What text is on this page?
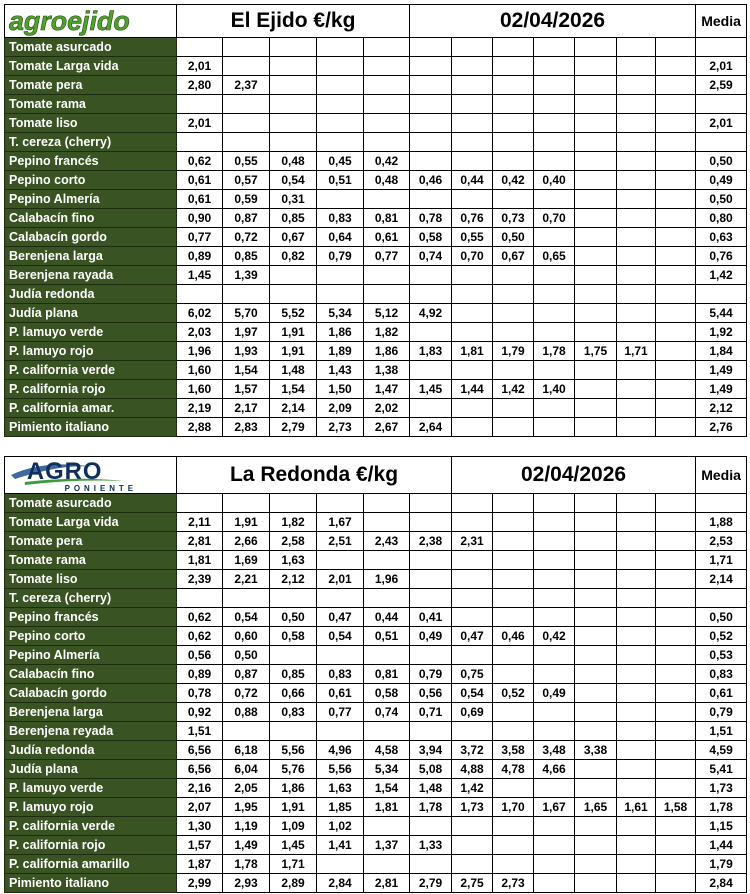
agroejido	El Ejido €/kg					02/04/2026							Media
Tomate asurcado													
Tomate Larga vida	2,01												2,01
Tomate pera	2,80	2,37											2,59
Tomate rama													
Tomate liso	2,01												2,01
T. cereza (cherry)													
Pepino francés	0,62	0,55	0,48	0,45	0,42								0,50
Pepino corto	0,61	0,57	0,54	0,51	0,48	0,46	0,44	0,42	0,40				0,49
Pepino Almería	0,61	0,59	0,31										0,50
Calabacín fino	0,90	0,87	0,85	0,83	0,81	0,78	0,76	0,73	0,70				0,80
Calabacín gordo	0,77	0,72	0,67	0,64	0,61	0,58	0,55	0,50					0,63
Berenjena larga	0,89	0,85	0,82	0,79	0,77	0,74	0,70	0,67	0,65				0,76
Berenjena rayada	1,45	1,39											1,42
Judía redonda													
Judía plana	6,02	5,70	5,52	5,34	5,12	4,92							5,44
P. lamuyo verde	2,03	1,97	1,91	1,86	1,82								1,92
P. lamuyo rojo	1,96	1,93	1,91	1,89	1,86	1,83	1,81	1,79	1,78	1,75	1,71		1,84
P. california verde	1,60	1,54	1,48	1,43	1,38								1,49
P. california rojo	1,60	1,57	1,54	1,50	1,47	1,45	1,44	1,42	1,40				1,49
P. california amar.	2,19	2,17	2,14	2,09	2,02								2,12
Pimiento italiano	2,88	2,83	2,79	2,73	2,67	2,64							2,76
AGRO
PONIENTE	La Redonda €/kg						02/04/2026						Media
Tomate asurcado													
Tomate Larga vida	2,11	1,91	1,82	1,67									1,88
Tomate pera	2,81	2,66	2,58	2,51	2,43	2,38	2,31						2,53
Tomate rama	1,81	1,69	1,63										1,71
Tomate liso	2,39	2,21	2,12	2,01	1,96								2,14
T. cereza (cherry)													
Pepino francés	0,62	0,54	0,50	0,47	0,44	0,41							0,50
Pepino corto	0,62	0,60	0,58	0,54	0,51	0,49	0,47	0,46	0,42				0,52
Pepino Almería	0,56	0,50											0,53
Calabacín fino	0,89	0,87	0,85	0,83	0,81	0,79	0,75						0,83
Calabacín gordo	0,78	0,72	0,66	0,61	0,58	0,56	0,54	0,52	0,49				0,61
Berenjena larga	0,92	0,88	0,83	0,77	0,74	0,71	0,69						0,79
Berenjena reyada	1,51												1,51
Judía redonda	6,56	6,18	5,56	4,96	4,58	3,94	3,72	3,58	3,48	3,38			4,59
Judía plana	6,56	6,04	5,76	5,56	5,34	5,08	4,88	4,78	4,66				5,41
P. lamuyo verde	2,16	2,05	1,86	1,63	1,54	1,48	1,42						1,73
P. lamuyo rojo	2,07	1,95	1,91	1,85	1,81	1,78	1,73	1,70	1,67	1,65	1,61	1,58	1,78
P. california verde	1,30	1,19	1,09	1,02									1,15
P. california rojo	1,57	1,49	1,45	1,41	1,37	1,33							1,44
P. california amarillo	1,87	1,78	1,71										1,79
Pimiento italiano	2,99	2,93	2,89	2,84	2,81	2,79	2,75	2,73					2,84
